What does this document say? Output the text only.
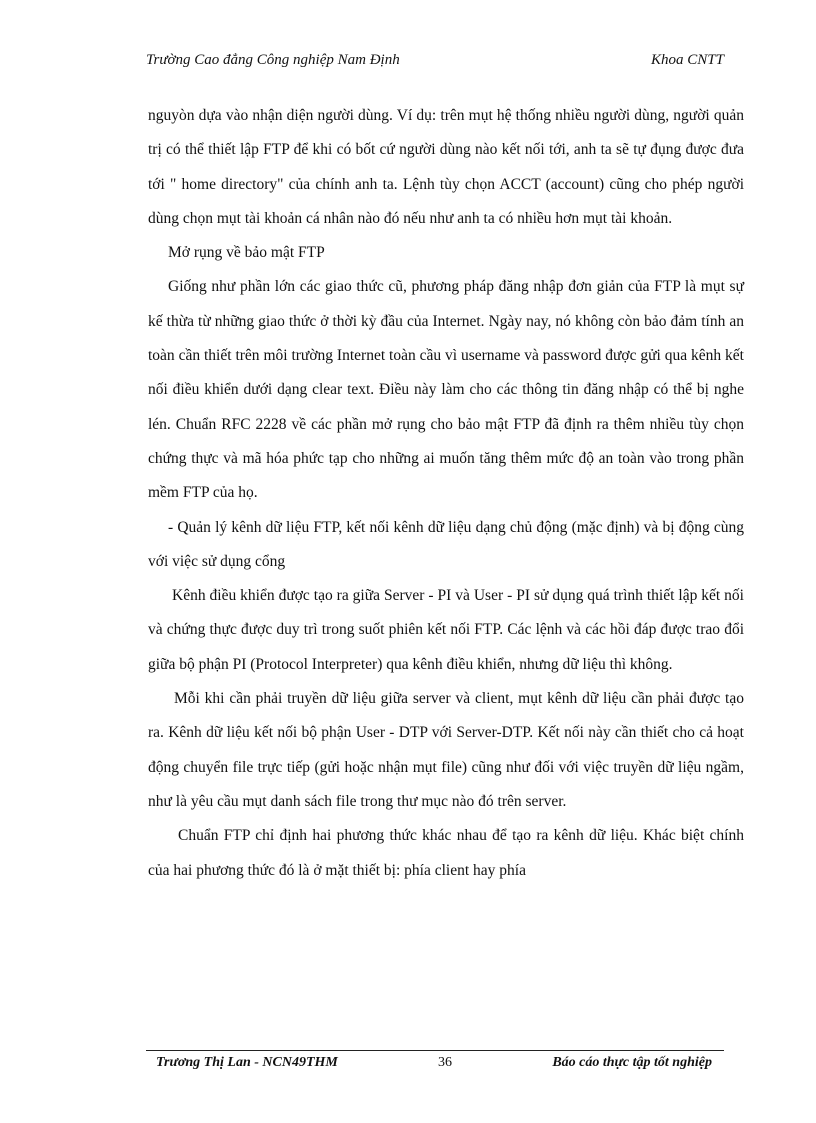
Trường Cao đẳng Công nghiệp Nam Định	Khoa CNTT

nguyòn dựa vào nhận diện người dùng. Ví dụ: trên mụt hệ thống nhiều người dùng, người quản trị có thể thiết lập FTP để khi có bốt cứ người dùng nào kết nối tới, anh ta sẽ tự đụng được đưa tới " home directory" của chính anh ta. Lệnh tùy chọn ACCT (account) cũng cho phép người dùng chọn mụt tài khoản cá nhân nào đó nếu như anh ta có nhiều hơn mụt tài khoản.

Mở rụng về bảo mật FTP

Giống như phần lớn các giao thức cũ, phương pháp đăng nhập đơn giản của FTP là mụt sự kế thừa từ những giao thức ở thời kỳ đầu của Internet. Ngày nay, nó không còn bảo đảm tính an toàn cần thiết trên môi trường Internet toàn cầu vì username và password được gửi qua kênh kết nối điều khiển dưới dạng clear text. Điều này làm cho các thông tin đăng nhập có thể bị nghe lén. Chuẩn RFC 2228 về các phần mở rụng cho bảo mật FTP đã định ra thêm nhiều tùy chọn chứng thực và mã hóa phức tạp cho những ai muốn tăng thêm mức độ an toàn vào trong phần mềm FTP của họ.

- Quản lý kênh dữ liệu FTP, kết nối kênh dữ liệu dạng chủ động (mặc định) và bị động cùng với việc sử dụng cổng

Kênh điều khiển được tạo ra giữa Server - PI và User - PI sử dụng quá trình thiết lập kết nối và chứng thực được duy trì trong suốt phiên kết nối FTP. Các lệnh và các hồi đáp được trao đổi giữa bộ phận PI (Protocol Interpreter) qua kênh điều khiển, nhưng dữ liệu thì không.

Mỗi khi cần phải truyền dữ liệu giữa server và client, mụt kênh dữ liệu cần phải được tạo ra. Kênh dữ liệu kết nối bộ phận User - DTP với Server-DTP. Kết nối này cần thiết cho cả hoạt động chuyển file trực tiếp (gửi hoặc nhận mụt file) cũng như đối với việc truyền dữ liệu ngầm, như là yêu cầu mụt danh sách file trong thư mục nào đó trên server.

Chuẩn FTP chỉ định hai phương thức khác nhau để tạo ra kênh dữ liệu. Khác biệt chính của hai phương thức đó là ở mặt thiết bị: phía client hay phía

Trương Thị Lan - NCN49THM	36	Báo cáo thực tập tốt nghiệp
